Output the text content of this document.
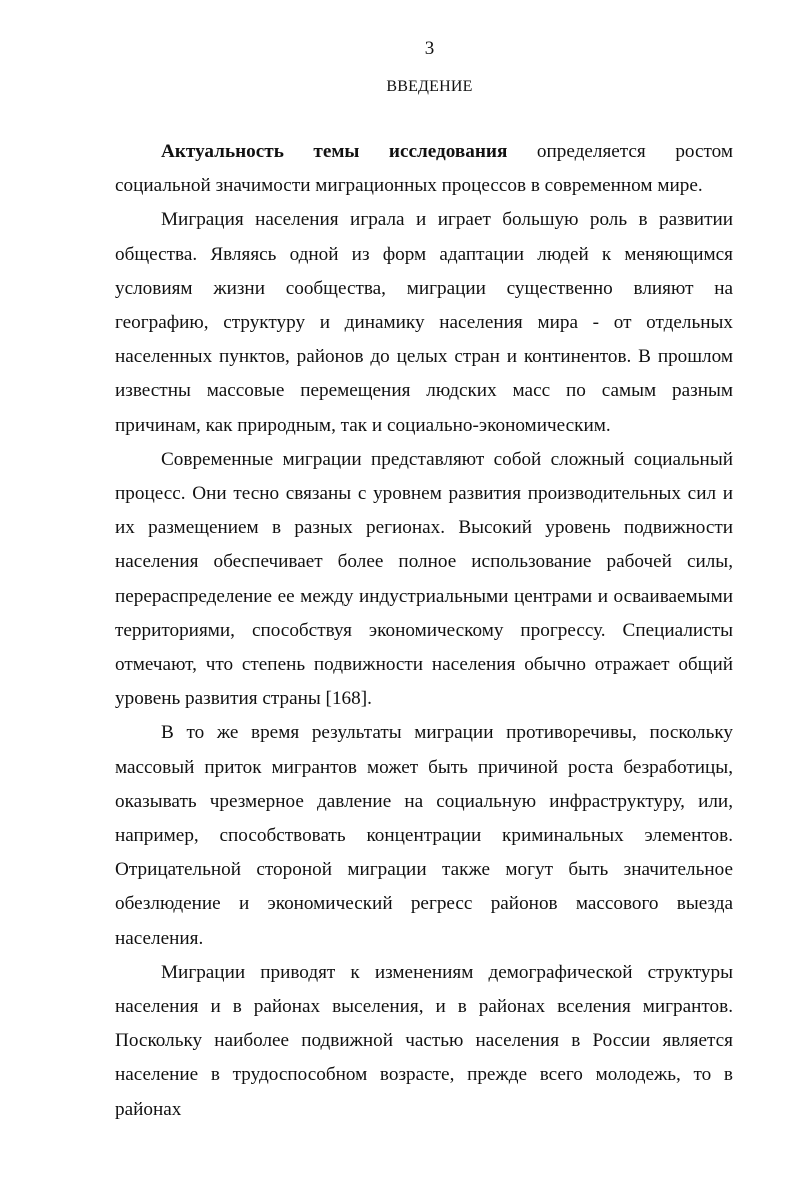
3
ВВЕДЕНИЕ

Актуальность темы исследования определяется ростом социальной значимости миграционных процессов в современном мире.

Миграция населения играла и играет большую роль в развитии общества. Являясь одной из форм адаптации людей к меняющимся условиям жизни сообщества, миграции существенно влияют на географию, структуру и динамику населения мира - от отдельных населенных пунктов, районов до целых стран и континентов. В прошлом известны массовые перемещения людских масс по самым разным причинам, как природным, так и социально-экономическим.

Современные миграции представляют собой сложный социальный процесс. Они тесно связаны с уровнем развития производительных сил и их размещением в разных регионах. Высокий уровень подвижности населения обеспечивает более полное использование рабочей силы, перераспределение ее между индустриальными центрами и осваиваемыми территориями, способствуя экономическому прогрессу. Специалисты отмечают, что степень подвижности населения обычно отражает общий уровень развития страны [168].

В то же время результаты миграции противоречивы, поскольку массовый приток мигрантов может быть причиной роста безработицы, оказывать чрезмерное давление на социальную инфраструктуру, или, например, способствовать концентрации криминальных элементов. Отрицательной стороной миграции также могут быть значительное обезлюдение и экономический регресс районов массового выезда населения.

Миграции приводят к изменениям демографической структуры населения и в районах выселения, и в районах вселения мигрантов. Поскольку наиболее подвижной частью населения в России является население в трудоспособном возрасте, прежде всего молодежь, то в районах
